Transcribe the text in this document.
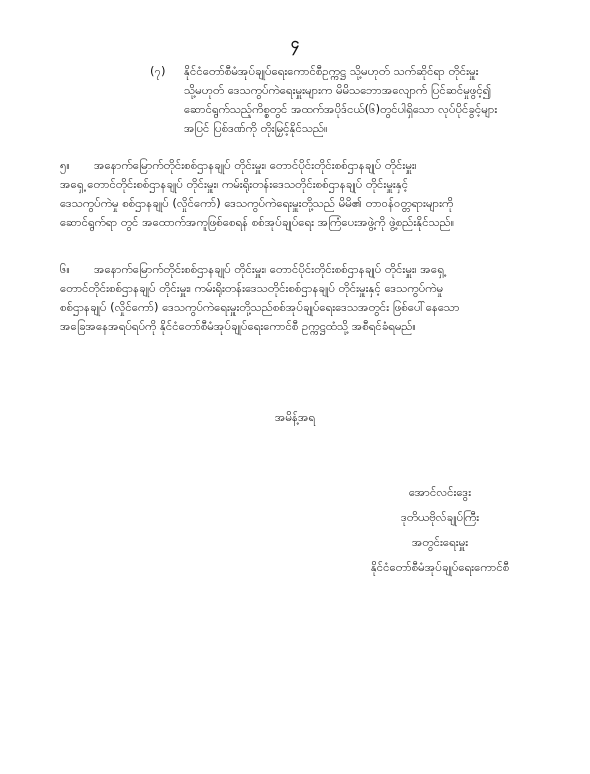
၄
(၇) နိုင်ငံတော်စီမံအုပ်ချုပ်ရေးကောင်စီဥက္ကဋ္ဌ သို့မဟုတ် သက်ဆိုင်ရာ တိုင်းမှူး
သို့မဟုတ် ဒေသကွပ်ကဲရေးမှူးများက မိမိသဘောအလျောက် ပြင်ဆင်မှုဖွင့်၍
ဆောင်ရွက်သည့်ကိစ္စတွင် အထက်အပိုဒ်ငယ်(၆)တွင်ပါရှိသော လုပ်ပိုင်ခွင့်များ
အပြင် ပြစ်ဒဏ်ကို တိုးမြှင့်နိုင်သည်။
၅။ အနောက်မြောက်တိုင်းစစ်ဌာနချုပ် တိုင်းမှူး၊ တောင်ပိုင်းတိုင်းစစ်ဌာနချုပ် တိုင်းမှူး၊
အရှေ့ တောင်တိုင်းစစ်ဌာနချုပ် တိုင်းမှူး၊ ကမ်းရိုးတန်းဒေသတိုင်းစစ်ဌာနချုပ် တိုင်းမှူးနှင့်
ဒေသကွပ်ကဲမှု စစ်ဌာနချုပ် (လှိုင်ကော်) ဒေသကွပ်ကဲရေးမှူးတို့သည် မိမိ၏ တာဝန်ဝတ္တရားများကို
ဆောင်ရွက်ရာ တွင် အထောက်အကူဖြစ်စေရန် စစ်အုပ်ချုပ်ရေး အကြံပေးအဖွဲ့ကို ဖွဲ့စည်းနိုင်သည်။
၆။ အနောက်မြောက်တိုင်းစစ်ဌာနချုပ် တိုင်းမှူး၊ တောင်ပိုင်းတိုင်းစစ်ဌာနချုပ် တိုင်းမှူး၊ အရှေ့
တောင်တိုင်းစစ်ဌာနချုပ် တိုင်းမှူး၊ ကမ်းရိုးတန်းဒေသတိုင်းစစ်ဌာနချုပ် တိုင်းမှူးနှင့် ဒေသကွပ်ကဲမှု
စစ်ဌာနချုပ် (လှိုင်ကော်) ဒေသကွပ်ကဲရေးမှူးတို့သည်စစ်အုပ်ချုပ်ရေးဒေသအတွင်း ဖြစ်ပေါ်နေသော
အခြေအနေအရပ်ရပ်ကို နိုင်ငံတော်စီမံအုပ်ချုပ်ရေးကောင်စီ ဥက္ကဋ္ဌထံသို့ အစီရင်ခံရမည်။
အမိန့်အရ
အောင်လင်းဒွေး
ဒုတိယဗိုလ်ချုပ်ကြီး
အတွင်းရေးမှူး
နိုင်ငံတော်စီမံအုပ်ချုပ်ရေးကောင်စီ
